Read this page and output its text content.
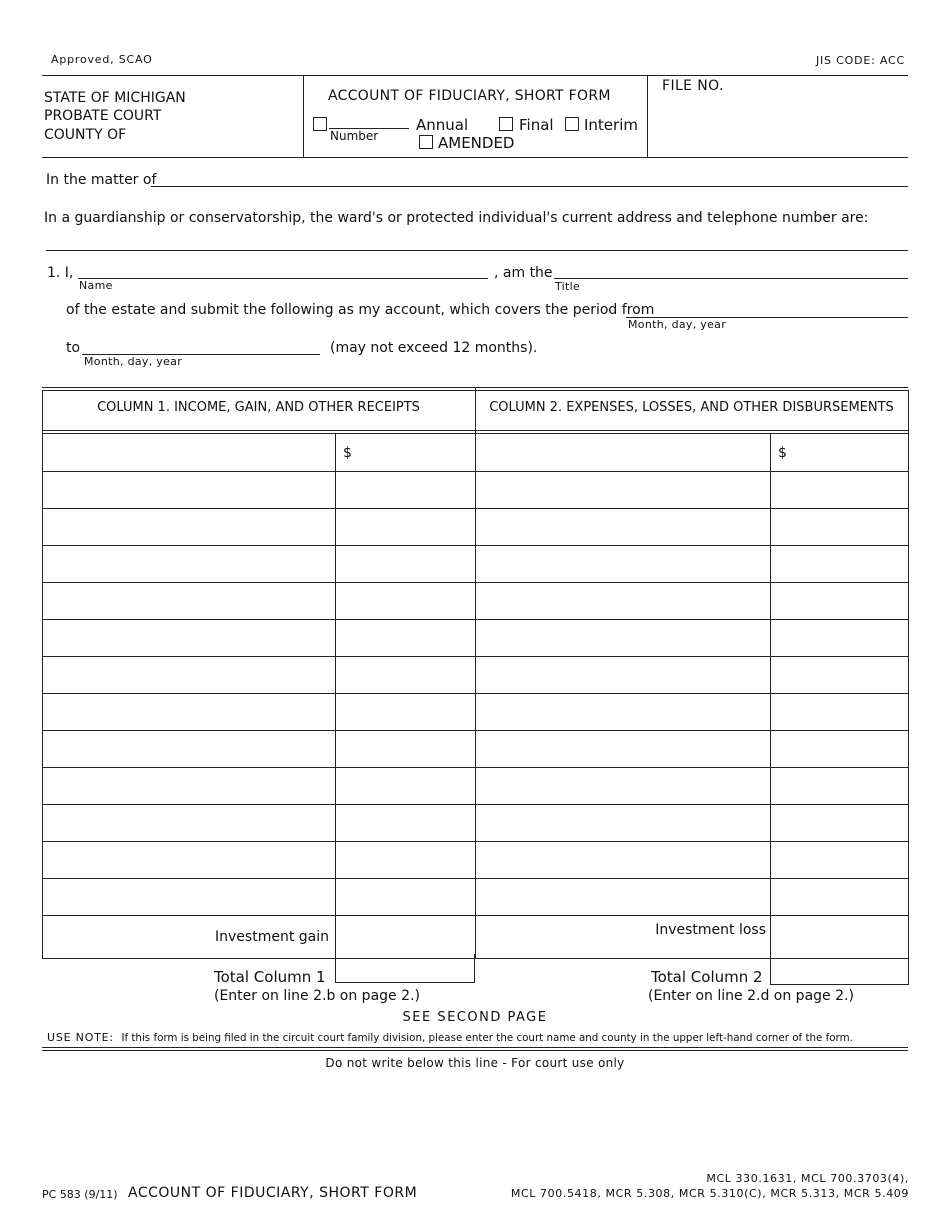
Approved, SCAO	JIS CODE: ACC
STATE OF MICHIGAN
PROBATE COURT
COUNTY OF
ACCOUNT OF FIDUCIARY, SHORT FORM
Number
Annual	Final Interim
AMENDED
FILE NO.
In the matter of
In a guardianship or conservatorship, the ward's or protected individual's current address and telephone number are:
1. I,
Name
, am the
Title
of the estate and submit the following as my account, which covers the period from
Month, day, year
to
Month, day, year
(may not exceed 12 months).
COLUMN 1. INCOME, GAIN, AND OTHER RECEIPTS	COLUMN 2. EXPENSES, LOSSES, AND OTHER DISBURSEMENTS
	$		$

Investment gain		Investment loss	
Total Column 1
(Enter on line 2.b on page 2.)
Total Column 2
(Enter on line 2.d on page 2.)
SEE SECOND PAGE
USE NOTE: If this form is being filed in the circuit court family division, please enter the court name and county in the upper left-hand corner of the form.
Do not write below this line - For court use only
PC 583 (9/11) ACCOUNT OF FIDUCIARY, SHORT FORM
MCL 330.1631, MCL 700.3703(4),
MCL 700.5418, MCR 5.308, MCR 5.310(C), MCR 5.313, MCR 5.409
